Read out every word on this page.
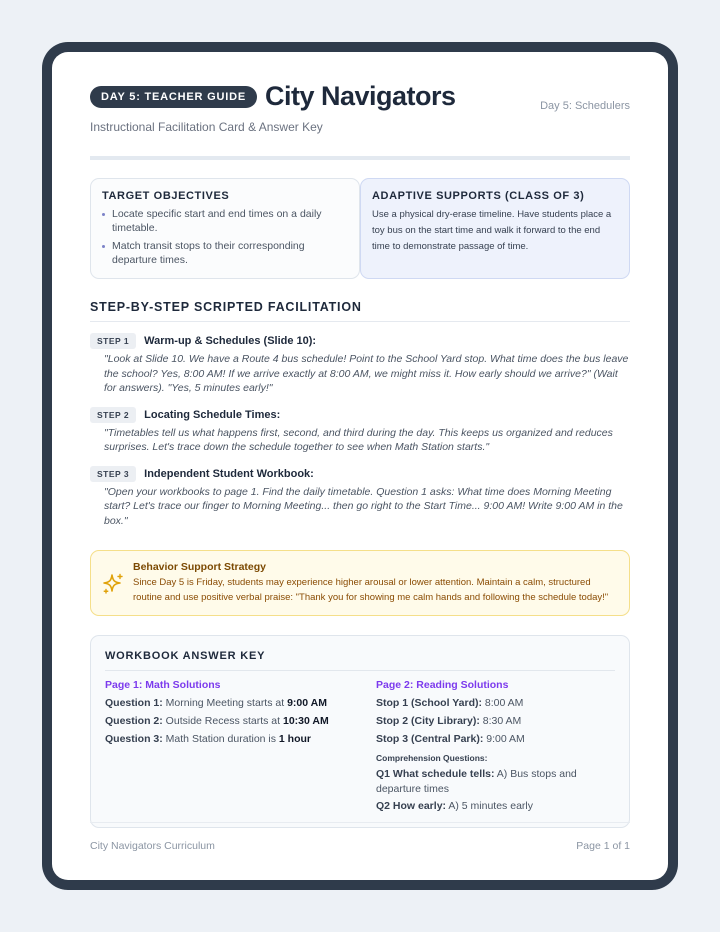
DAY 5: TEACHER GUIDE City Navigators
Instructional Facilitation Card & Answer Key
Day 5: Schedulers
TARGET OBJECTIVES
Locate specific start and end times on a daily timetable.
Match transit stops to their corresponding departure times.
ADAPTIVE SUPPORTS (CLASS OF 3)
Use a physical dry-erase timeline. Have students place a toy bus on the start time and walk it forward to the end time to demonstrate passage of time.
STEP-BY-STEP SCRIPTED FACILITATION
STEP 1	Warm-up & Schedules (Slide 10):
"Look at Slide 10. We have a Route 4 bus schedule! Point to the School Yard stop. What time does the bus leave the school? Yes, 8:00 AM! If we arrive exactly at 8:00 AM, we might miss it. How early should we arrive?" (Wait for answers). "Yes, 5 minutes early!"
STEP 2	Locating Schedule Times:
"Timetables tell us what happens first, second, and third during the day. This keeps us organized and reduces surprises. Let's trace down the schedule together to see when Math Station starts."
STEP 3	Independent Student Workbook:
"Open your workbooks to page 1. Find the daily timetable. Question 1 asks: What time does Morning Meeting start? Let's trace our finger to Morning Meeting... then go right to the Start Time... 9:00 AM! Write 9:00 AM in the box."
Behavior Support Strategy
Since Day 5 is Friday, students may experience higher arousal or lower attention. Maintain a calm, structured routine and use positive verbal praise: "Thank you for showing me calm hands and following the schedule today!"
WORKBOOK ANSWER KEY
Page 1: Math Solutions
Question 1: Morning Meeting starts at 9:00 AM
Question 2: Outside Recess starts at 10:30 AM
Question 3: Math Station duration is 1 hour
Page 2: Reading Solutions
Stop 1 (School Yard): 8:00 AM
Stop 2 (City Library): 8:30 AM
Stop 3 (Central Park): 9:00 AM
Comprehension Questions:
Q1 What schedule tells: A) Bus stops and departure times
Q2 How early: A) 5 minutes early
City Navigators Curriculum	Page 1 of 1
